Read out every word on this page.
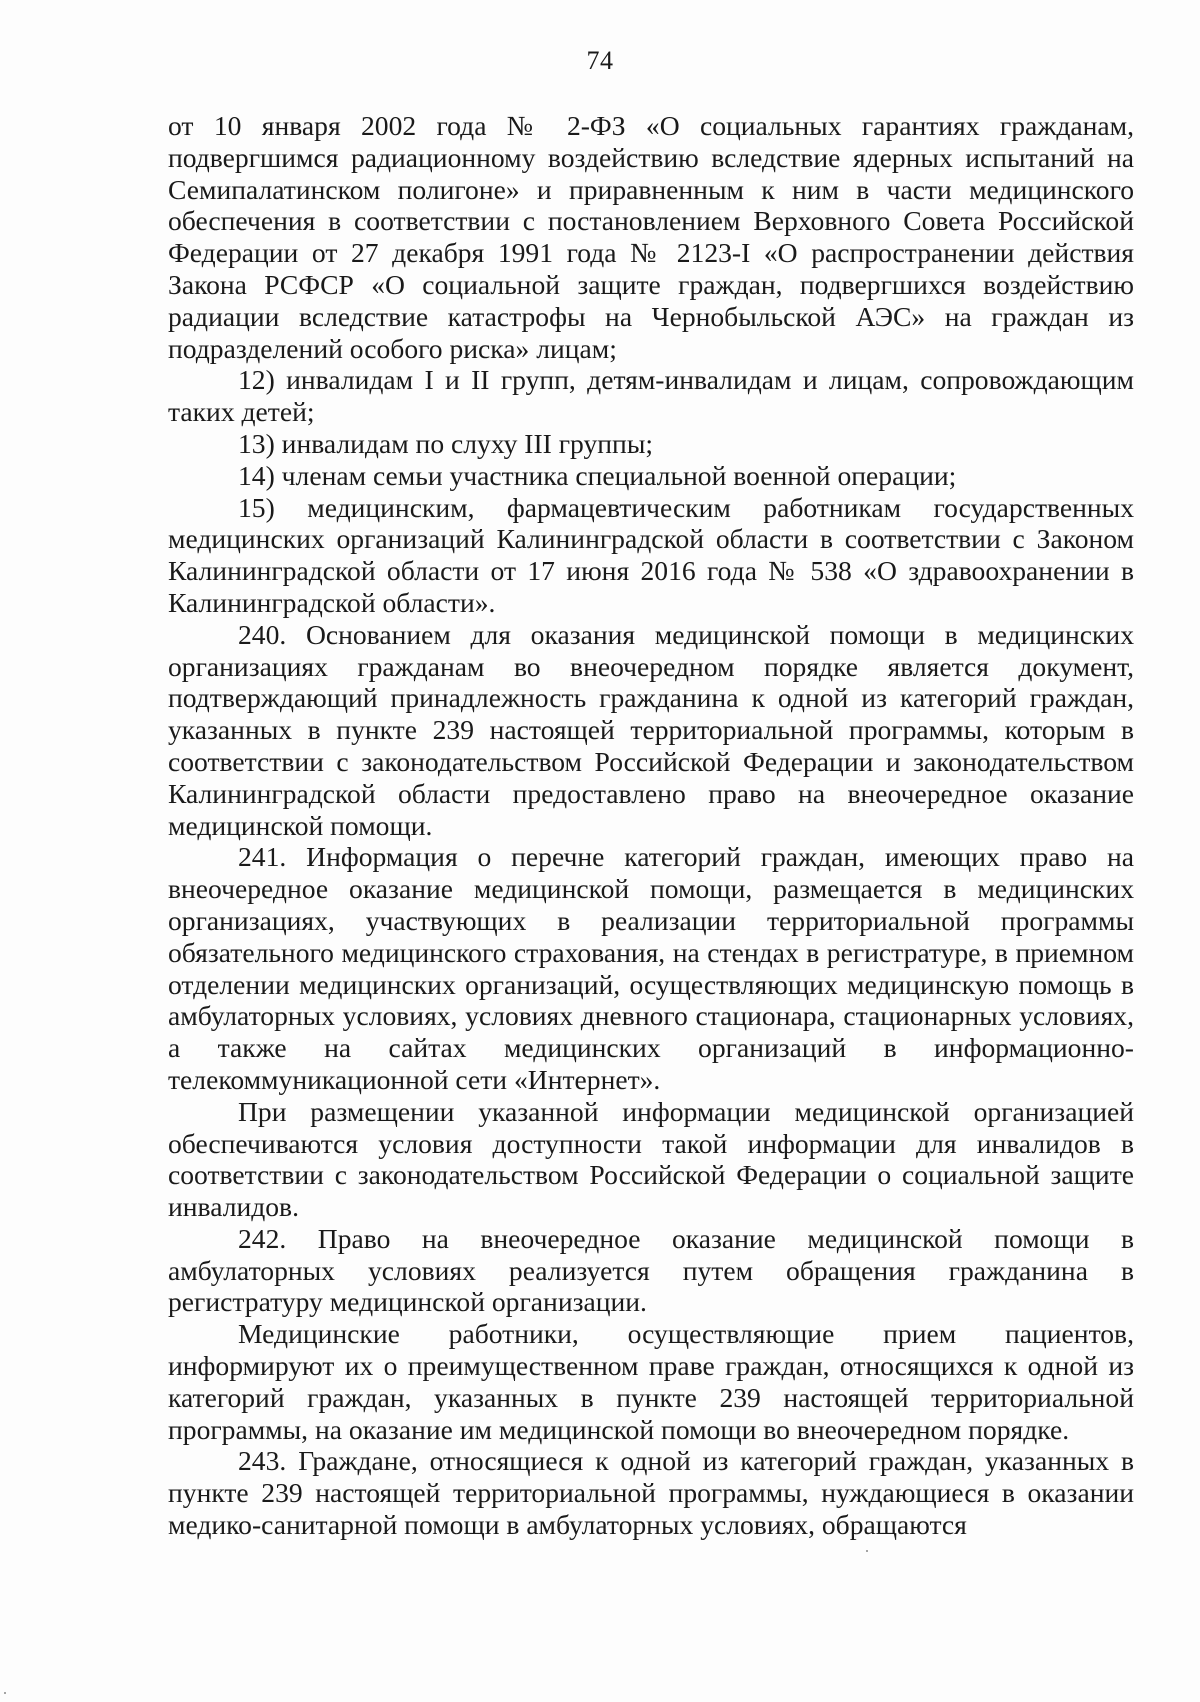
74

от 10 января 2002 года № 2-ФЗ «О социальных гарантиях гражданам, подвергшимся радиационному воздействию вследствие ядерных испытаний на Семипалатинском полигоне» и приравненным к ним в части медицинского обеспечения в соответствии с постановлением Верховного Совета Российской Федерации от 27 декабря 1991 года № 2123-I «О распространении действия Закона РСФСР «О социальной защите граждан, подвергшихся воздействию радиации вследствие катастрофы на Чернобыльской АЭС» на граждан из подразделений особого риска» лицам;

12) инвалидам I и II групп, детям-инвалидам и лицам, сопровождающим таких детей;

13) инвалидам по слуху III группы;

14) членам семьи участника специальной военной операции;

15) медицинским, фармацевтическим работникам государственных медицинских организаций Калининградской области в соответствии с Законом Калининградской области от 17 июня 2016 года № 538 «О здравоохранении в Калининградской области».

240. Основанием для оказания медицинской помощи в медицинских организациях гражданам во внеочередном порядке является документ, подтверждающий принадлежность гражданина к одной из категорий граждан, указанных в пункте 239 настоящей территориальной программы, которым в соответствии с законодательством Российской Федерации и законодательством Калининградской области предоставлено право на внеочередное оказание медицинской помощи.

241. Информация о перечне категорий граждан, имеющих право на внеочередное оказание медицинской помощи, размещается в медицинских организациях, участвующих в реализации территориальной программы обязательного медицинского страхования, на стендах в регистратуре, в приемном отделении медицинских организаций, осуществляющих медицинскую помощь в амбулаторных условиях, условиях дневного стационара, стационарных условиях, а также на сайтах медицинских организаций в информационно-телекоммуникационной сети «Интернет».

При размещении указанной информации медицинской организацией обеспечиваются условия доступности такой информации для инвалидов в соответствии с законодательством Российской Федерации о социальной защите инвалидов.

242. Право на внеочередное оказание медицинской помощи в амбулаторных условиях реализуется путем обращения гражданина в регистратуру медицинской организации.

Медицинские работники, осуществляющие прием пациентов, информируют их о преимущественном праве граждан, относящихся к одной из категорий граждан, указанных в пункте 239 настоящей территориальной программы, на оказание им медицинской помощи во внеочередном порядке.

243. Граждане, относящиеся к одной из категорий граждан, указанных в пункте 239 настоящей территориальной программы, нуждающиеся в оказании медико-санитарной помощи в амбулаторных условиях, обращаются
